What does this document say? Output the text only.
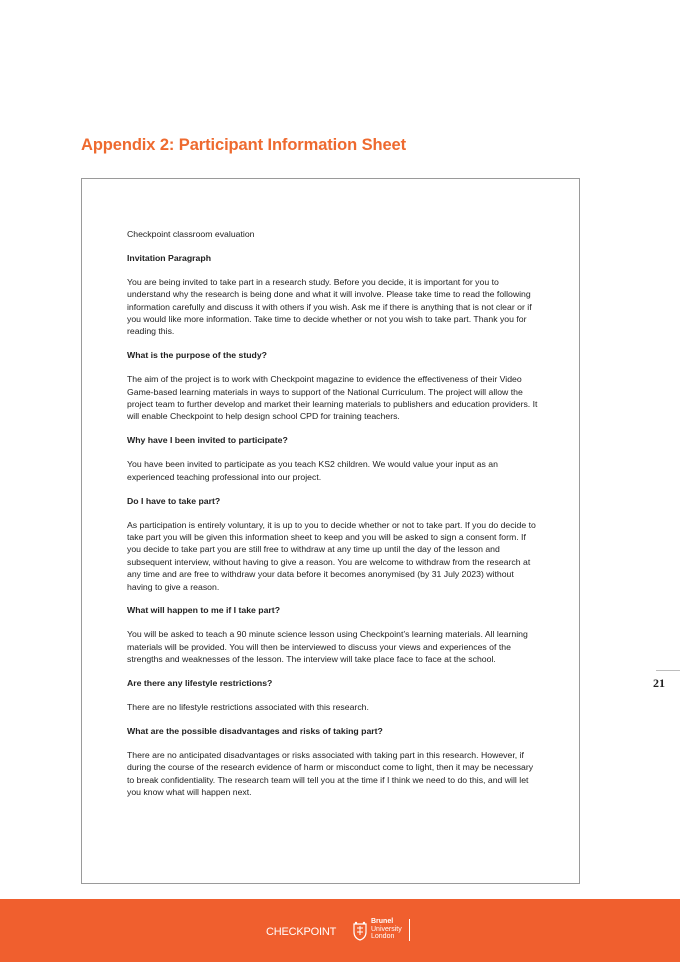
Appendix 2: Participant Information Sheet

Checkpoint classroom evaluation

Invitation Paragraph

You are being invited to take part in a research study. Before you decide, it is important for you to understand why the research is being done and what it will involve. Please take time to read the following information carefully and discuss it with others if you wish. Ask me if there is anything that is not clear or if you would like more information. Take time to decide whether or not you wish to take part. Thank you for reading this.

What is the purpose of the study?

The aim of the project is to work with Checkpoint magazine to evidence the effectiveness of their Video Game-based learning materials in ways to support of the National Curriculum. The project will allow the project team to further develop and market their learning materials to publishers and education providers. It will enable Checkpoint to help design school CPD for training teachers.

Why have I been invited to participate?

You have been invited to participate as you teach KS2 children. We would value your input as an experienced teaching professional into our project.

Do I have to take part?

As participation is entirely voluntary, it is up to you to decide whether or not to take part. If you do decide to take part you will be given this information sheet to keep and you will be asked to sign a consent form. If you decide to take part you are still free to withdraw at any time up until the day of the lesson and subsequent interview, without having to give a reason. You are welcome to withdraw from the research at any time and are free to withdraw your data before it becomes anonymised (by 31 July 2023) without having to give a reason.

What will happen to me if I take part?

You will be asked to teach a 90 minute science lesson using Checkpoint’s learning materials. All learning materials will be provided. You will then be interviewed to discuss your views and experiences of the strengths and weaknesses of the lesson. The interview will take place face to face at the school.

Are there any lifestyle restrictions?

There are no lifestyle restrictions associated with this research.

What are the possible disadvantages and risks of taking part?

There are no anticipated disadvantages or risks associated with taking part in this research. However, if during the course of the research evidence of harm or misconduct come to light, then it may be necessary to break confidentiality. The research team will tell you at the time if I think we need to do this, and will let you know what will happen next.

21
CHECKPOINT
Brunel
University
London
